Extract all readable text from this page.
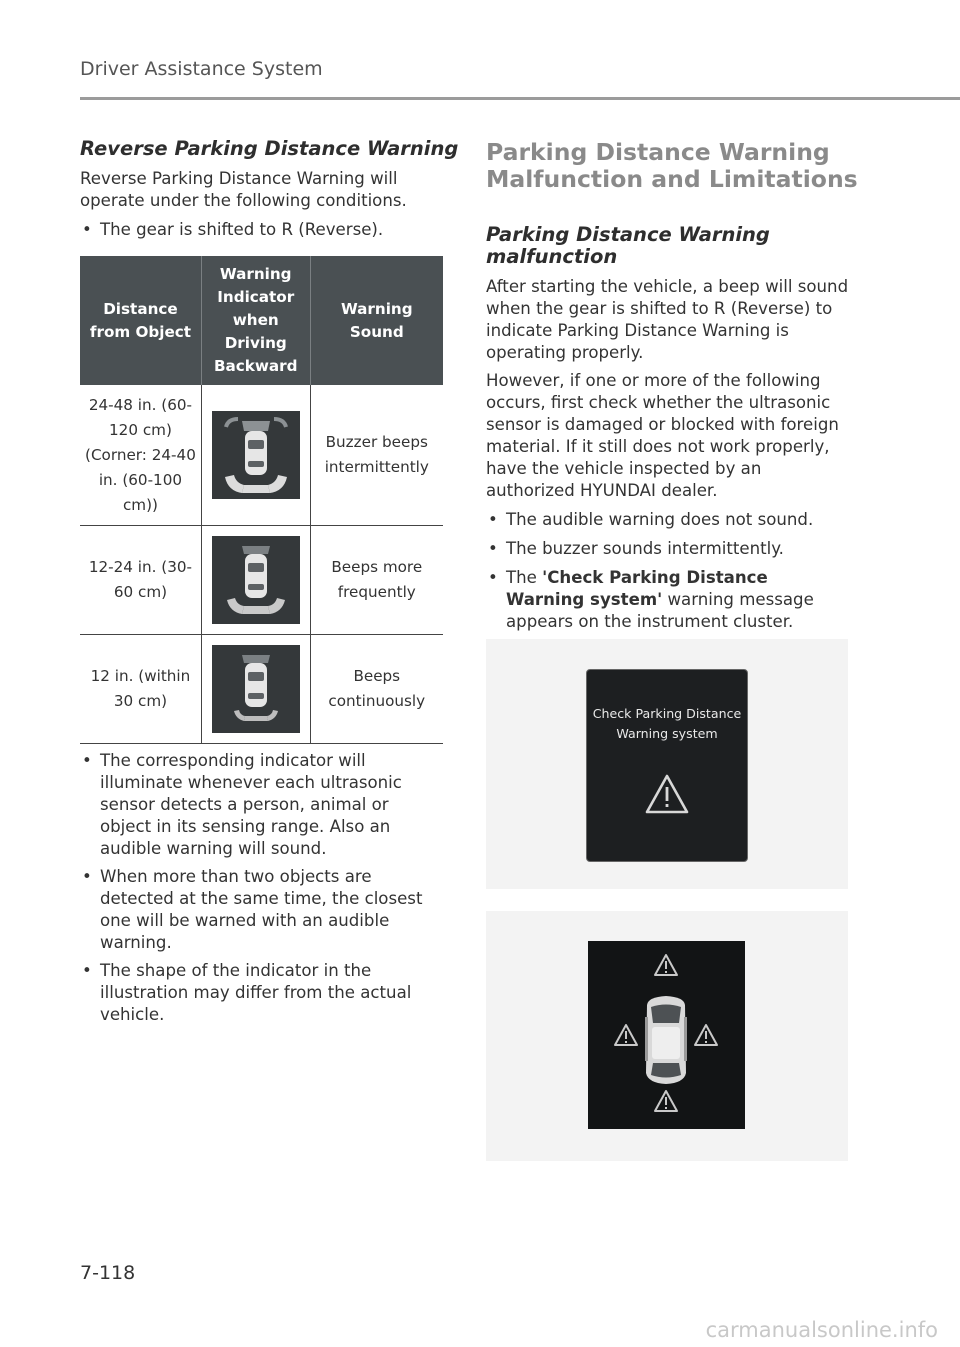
Driver Assistance System
Reverse Parking Distance Warning
Reverse Parking Distance Warning will operate under the following conditions.
• The gear is shifted to R (Reverse).
Distance from Object	Warning Indicator when Driving Backward	Warning Sound
24-48 in. (60-120 cm)(Corner: 24-40 in. (60-100 cm))		Buzzer beeps intermittently
12-24 in. (30-60 cm)		Beeps more frequently
12 in. (within 30 cm)		Beeps continuously
• The corresponding indicator will illuminate whenever each ultrasonic sensor detects a person, animal or object in its sensing range. Also an audible warning will sound.
• When more than two objects are detected at the same time, the closest one will be warned with an audible warning.
• The shape of the indicator in the illustration may differ from the actual vehicle.
Parking Distance Warning Malfunction and Limitations
Parking Distance Warning malfunction
After starting the vehicle, a beep will sound when the gear is shifted to R (Reverse) to indicate Parking Distance Warning is operating properly.
However, if one or more of the following occurs, first check whether the ultrasonic sensor is damaged or blocked with foreign material. If it still does not work properly, have the vehicle inspected by an authorized HYUNDAI dealer.
• The audible warning does not sound.
• The buzzer sounds intermittently.
• The 'Check Parking Distance Warning system' warning message appears on the instrument cluster.
Check Parking Distance
Warning system
7-118
carmanualsonline.info
